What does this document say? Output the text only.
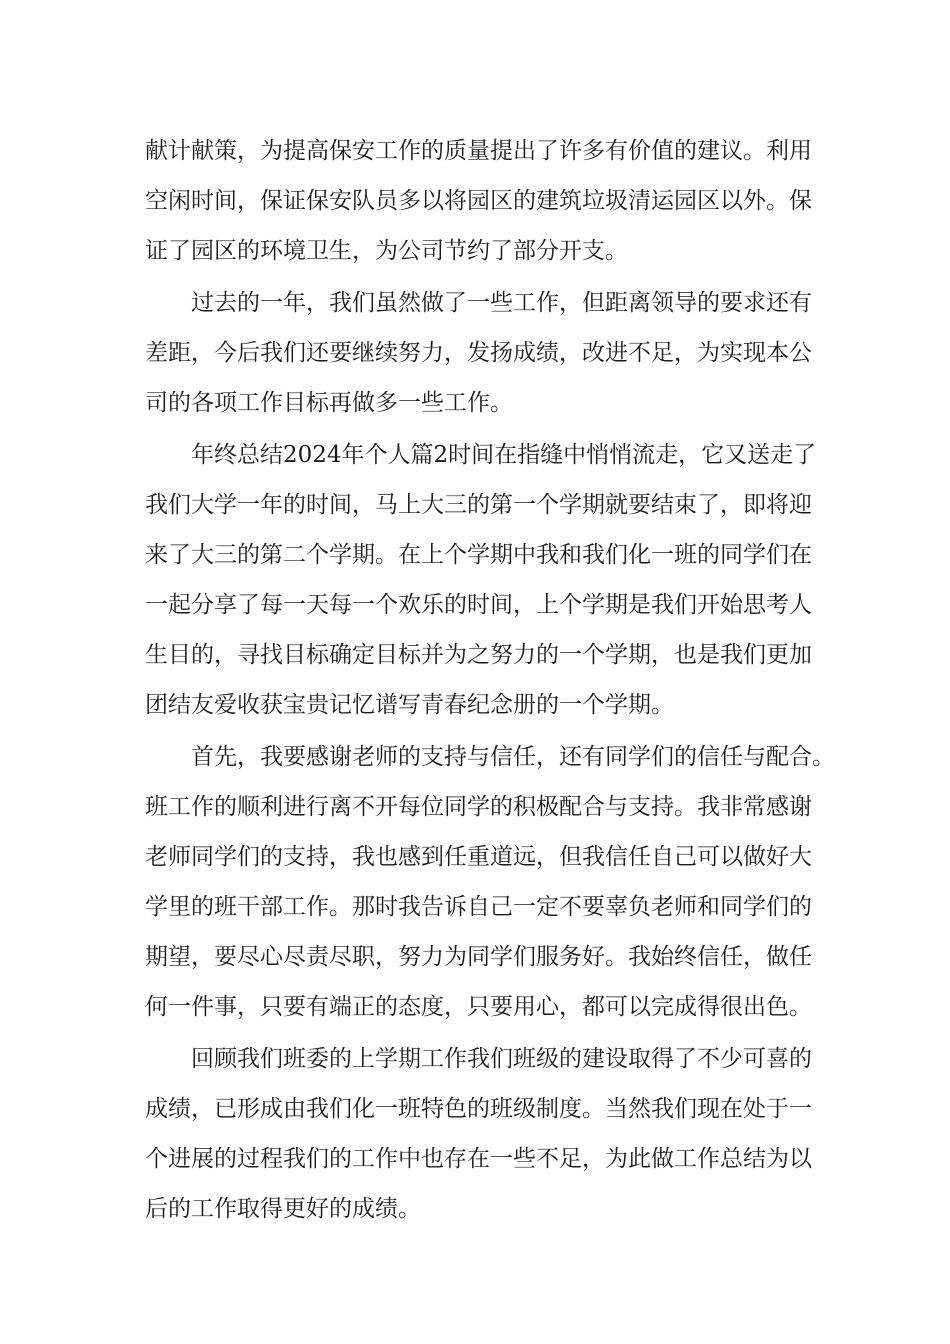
献计献策，为提高保安工作的质量提出了许多有价值的建议。利用
空闲时间，保证保安队员多以将园区的建筑垃圾清运园区以外。保
证了园区的环境卫生，为公司节约了部分开支。

过去的一年，我们虽然做了一些工作，但距离领导的要求还有
差距，今后我们还要继续努力，发扬成绩，改进不足，为实现本公
司的各项工作目标再做多一些工作。

年终总结2024年个人篇2时间在指缝中悄悄流走，它又送走了
我们大学一年的时间，马上大三的第一个学期就要结束了，即将迎
来了大三的第二个学期。在上个学期中我和我们化一班的同学们在
一起分享了每一天每一个欢乐的时间，上个学期是我们开始思考人
生目的，寻找目标确定目标并为之努力的一个学期，也是我们更加
团结友爱收获宝贵记忆谱写青春纪念册的一个学期。

首先，我要感谢老师的支持与信任，还有同学们的信任与配合。
班工作的顺利进行离不开每位同学的积极配合与支持。我非常感谢
老师同学们的支持，我也感到任重道远，但我信任自己可以做好大
学里的班干部工作。那时我告诉自己一定不要辜负老师和同学们的
期望，要尽心尽责尽职，努力为同学们服务好。我始终信任，做任
何一件事，只要有端正的态度，只要用心，都可以完成得很出色。

回顾我们班委的上学期工作我们班级的建设取得了不少可喜的
成绩，已形成由我们化一班特色的班级制度。当然我们现在处于一
个进展的过程我们的工作中也存在一些不足，为此做工作总结为以
后的工作取得更好的成绩。
